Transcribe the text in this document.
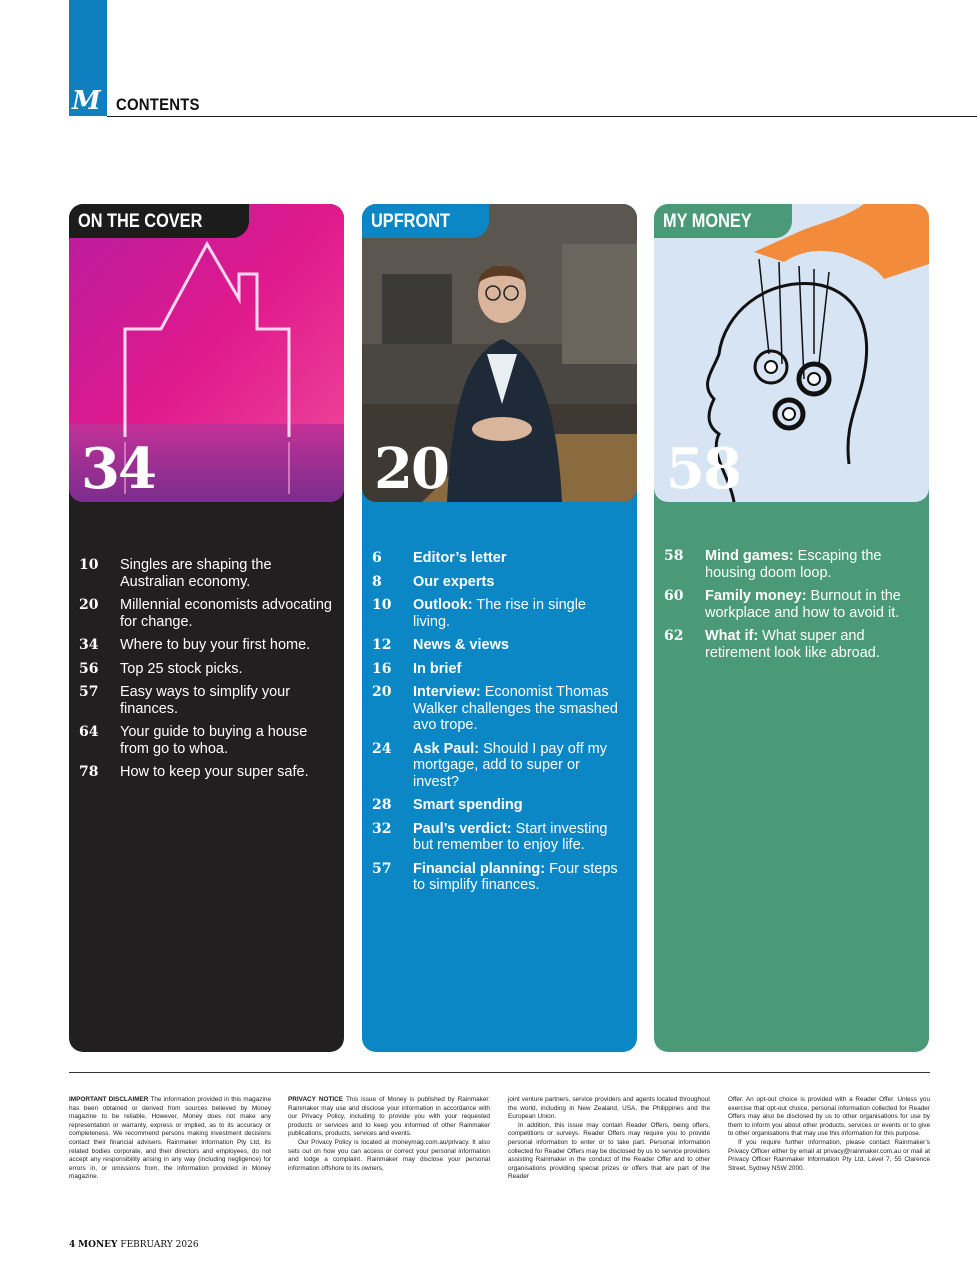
M CONTENTS
ON THE COVER
34
10 Singles are shaping the Australian economy.
20 Millennial economists advocating for change.
34 Where to buy your first home.
56 Top 25 stock picks.
57 Easy ways to simplify your finances.
64 Your guide to buying a house from go to whoa.
78 How to keep your super safe.
UPFRONT
20
6 Editor’s letter
8 Our experts
10 Outlook: The rise in single living.
12 News & views
16 In brief
20 Interview: Economist Thomas Walker challenges the smashed avo trope.
24 Ask Paul: Should I pay off my mortgage, add to super or invest?
28 Smart spending
32 Paul’s verdict: Start investing but remember to enjoy life.
57 Financial planning: Four steps to simplify finances.
MY MONEY
58
58 Mind games: Escaping the housing doom loop.
60 Family money: Burnout in the workplace and how to avoid it.
62 What if: What super and retirement look like abroad.

IMPORTANT DISCLAIMER The information provided in this magazine has been obtained or derived from sources believed by Money magazine to be reliable. However, Money does not make any representation or warranty, express or implied, as to its accuracy or completeness. We recommend persons making investment decisions contact their financial advisers. Rainmaker Information Pty Ltd, its related bodies corporate, and their directors and employees, do not accept any responsibility arising in any way (including negligence) for errors in, or omissions from, the information provided in Money magazine.

PRIVACY NOTICE This issue of Money is published by Rainmaker. Rainmaker may use and disclose your information in accordance with our Privacy Policy, including to provide you with your requested products or services and to keep you informed of other Rainmaker publications, products, services and events.

Our Privacy Policy is located at moneymag.com.au/privacy. It also sets out on how you can access or correct your personal information and lodge a complaint. Rainmaker may disclose your personal information offshore to its owners,

joint venture partners, service providers and agents located throughout the world, including in New Zealand, USA, the Philippines and the European Union.

In addition, this issue may contain Reader Offers, being offers, competitions or surveys. Reader Offers may require you to provide personal information to enter or to take part. Personal information collected for Reader Offers may be disclosed by us to service providers assisting Rainmaker in the conduct of the Reader Offer and to other organisations providing special prizes or offers that are part of the Reader

Offer. An opt-out choice is provided with a Reader Offer. Unless you exercise that opt-out choice, personal information collected for Reader Offers may also be disclosed by us to other organisations for use by them to inform you about other products, services or events or to give to other organisations that may use this information for this purpose.

If you require further information, please contact Rainmaker’s Privacy Officer either by email at privacy@rainmaker.com.au or mail at Privacy Officer Rainmaker Information Pty Ltd, Level 7, 55 Clarence Street, Sydney NSW 2000.

4 MONEY FEBRUARY 2026
